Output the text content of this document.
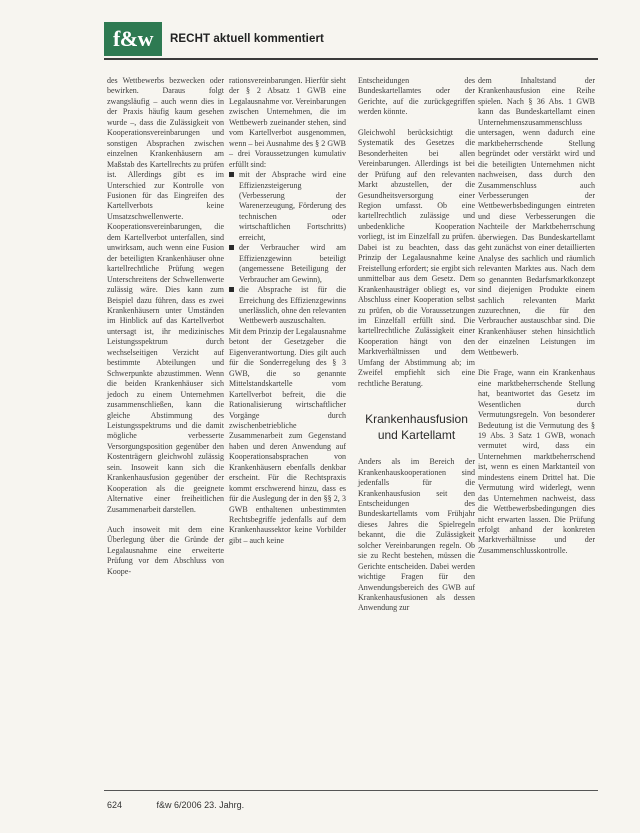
f&w	RECHT aktuell kommentiert

des Wettbewerbs bezwecken oder bewirken. Daraus folgt zwangsläufig – auch wenn dies in der Praxis häufig kaum gesehen wurde –, dass die Zulässigkeit von Kooperationsvereinbarungen und sonstigen Absprachen zwischen einzelnen Krankenhäusern am Maßstab des Kartellrechts zu prüfen ist. Allerdings gibt es im Unterschied zur Kontrolle von Fusionen für das Eingreifen des Kartellverbots keine Umsatzschwellenwerte. Kooperationsvereinbarungen, die dem Kartellverbot unterfallen, sind unwirksam, auch wenn eine Fusion der beteiligten Krankenhäuser ohne kartellrechtliche Prüfung wegen Unterschreitens der Schwellenwerte zulässig wäre. Dies kann zum Beispiel dazu führen, dass es zwei Krankenhäusern unter Umständen im Hinblick auf das Kartellverbot untersagt ist, ihr medizinisches Leistungsspektrum durch wechselseitigen Verzicht auf bestimmte Abteilungen und Schwerpunkte abzustimmen. Wenn die beiden Krankenhäuser sich jedoch zu einem Unternehmen zusammenschließen, kann die gleiche Abstimmung des Leistungsspektrums und die damit mögliche verbesserte Versorgungsposition gegenüber den Kostenträgern gleichwohl zulässig sein. Insoweit kann sich die Krankenhausfusion gegenüber der Kooperation als die geeignete Alternative einer freiheitlichen Zusammenarbeit darstellen.

Auch insoweit mit dem eine Überlegung über die Gründe der Legalausnahme eine erweiterte Prüfung vor dem Abschluss von Koope-

rationsvereinbarungen. Hierfür sieht der § 2 Absatz 1 GWB eine Legalausnahme vor. Vereinbarungen zwischen Unternehmen, die im Wettbewerb zueinander stehen, sind vom Kartellverbot ausgenommen, wenn – bei Ausnahme des § 2 GWB – drei Voraussetzungen kumulativ erfüllt sind:

mit der Absprache wird eine Effizienzsteigerung (Verbesserung der Warenerzeugung, Förderung des technischen oder wirtschaftlichen Fortschritts) erreicht,
der Verbraucher wird am Effizienzgewinn beteiligt (angemessene Beteiligung der Verbraucher am Gewinn),
die Absprache ist für die Erreichung des Effizienzgewinns unerlässlich, ohne den relevanten Wettbewerb auszuschalten.

Mit dem Prinzip der Legalausnahme betont der Gesetzgeber die Eigenverantwortung. Dies gilt auch für die Sonderregelung des § 3 GWB, die so genannte Mittelstandskartelle vom Kartellverbot befreit, die die Rationalisierung wirtschaftlicher Vorgänge durch zwischenbetriebliche Zusammenarbeit zum Gegenstand haben und deren Anwendung auf Kooperationsabsprachen von Krankenhäusern ebenfalls denkbar erscheint. Für die Rechtspraxis kommt erschwerend hinzu, dass es für die Auslegung der in den §§ 2, 3 GWB enthaltenen unbestimmten Rechtsbegriffe jedenfalls auf dem Krankenhaussektor keine Vorbilder gibt – auch keine

Entscheidungen des Bundeskartellamtes oder der Gerichte, auf die zurückgegriffen werden könnte.

Gleichwohl berücksichtigt die Systematik des Gesetzes die Besonderheiten bei allen Vereinbarungen. Allerdings ist bei der Prüfung auf den relevanten Markt abzustellen, der die Gesundheitsversorgung einer Region umfasst. Ob eine kartellrechtlich zulässige und unbedenkliche Kooperation vorliegt, ist im Einzelfall zu prüfen. Dabei ist zu beachten, dass das Prinzip der Legalausnahme keine Freistellung erfordert; sie ergibt sich unmittelbar aus dem Gesetz. Dem Krankenhausträger obliegt es, vor Abschluss einer Kooperation selbst zu prüfen, ob die Voraussetzungen im Einzelfall erfüllt sind. Die kartellrechtliche Zulässigkeit einer Kooperation hängt von den Marktverhältnissen und dem Umfang der Abstimmung ab; im Zweifel empfiehlt sich eine rechtliche Beratung.

Krankenhausfusion und Kartellamt

Anders als im Bereich der Krankenhauskooperationen sind jedenfalls für die Krankenhausfusion seit den Entscheidungen des Bundeskartellamts vom Frühjahr dieses Jahres die Spielregeln bekannt, die die Zulässigkeit solcher Vereinbarungen regeln. Ob sie zu Recht bestehen, müssen die Gerichte entscheiden. Dabei werden wichtige Fragen für den Anwendungsbereich des GWB auf Krankenhausfusionen als dessen Anwendung zur

dem Inhaltstand der Krankenhausfusion eine Reihe spielen. Nach § 36 Abs. 1 GWB kann das Bundeskartellamt einen Unternehmenszusammenschluss untersagen, wenn dadurch eine marktbeherrschende Stellung begründet oder verstärkt wird und die beteiligten Unternehmen nicht nachweisen, dass durch den Zusammenschluss auch Verbesserungen der Wettbewerbsbedingungen eintreten und diese Verbesserungen die Nachteile der Marktbeherrschung überwiegen. Das Bundeskartellamt geht zunächst von einer detaillierten Analyse des sachlich und räumlich relevanten Marktes aus. Nach dem so genannten Bedarfsmarktkonzept sind diejenigen Produkte einem sachlich relevanten Markt zuzurechnen, die für den Verbraucher austauschbar sind. Die Krankenhäuser stehen hinsichtlich der einzelnen Leistungen im Wettbewerb.

Die Frage, wann ein Krankenhaus eine marktbeherrschende Stellung hat, beantwortet das Gesetz im Wesentlichen durch Vermutungsregeln. Von besonderer Bedeutung ist die Vermutung des § 19 Abs. 3 Satz 1 GWB, wonach vermutet wird, dass ein Unternehmen marktbeherrschend ist, wenn es einen Marktanteil von mindestens einem Drittel hat. Die Vermutung wird widerlegt, wenn das Unternehmen nachweist, dass die Wettbewerbsbedingungen dies nicht erwarten lassen. Die Prüfung erfolgt anhand der konkreten Marktverhältnisse und der Zusammenschlusskontrolle.

624	f&w 6/2006 23. Jahrg.
